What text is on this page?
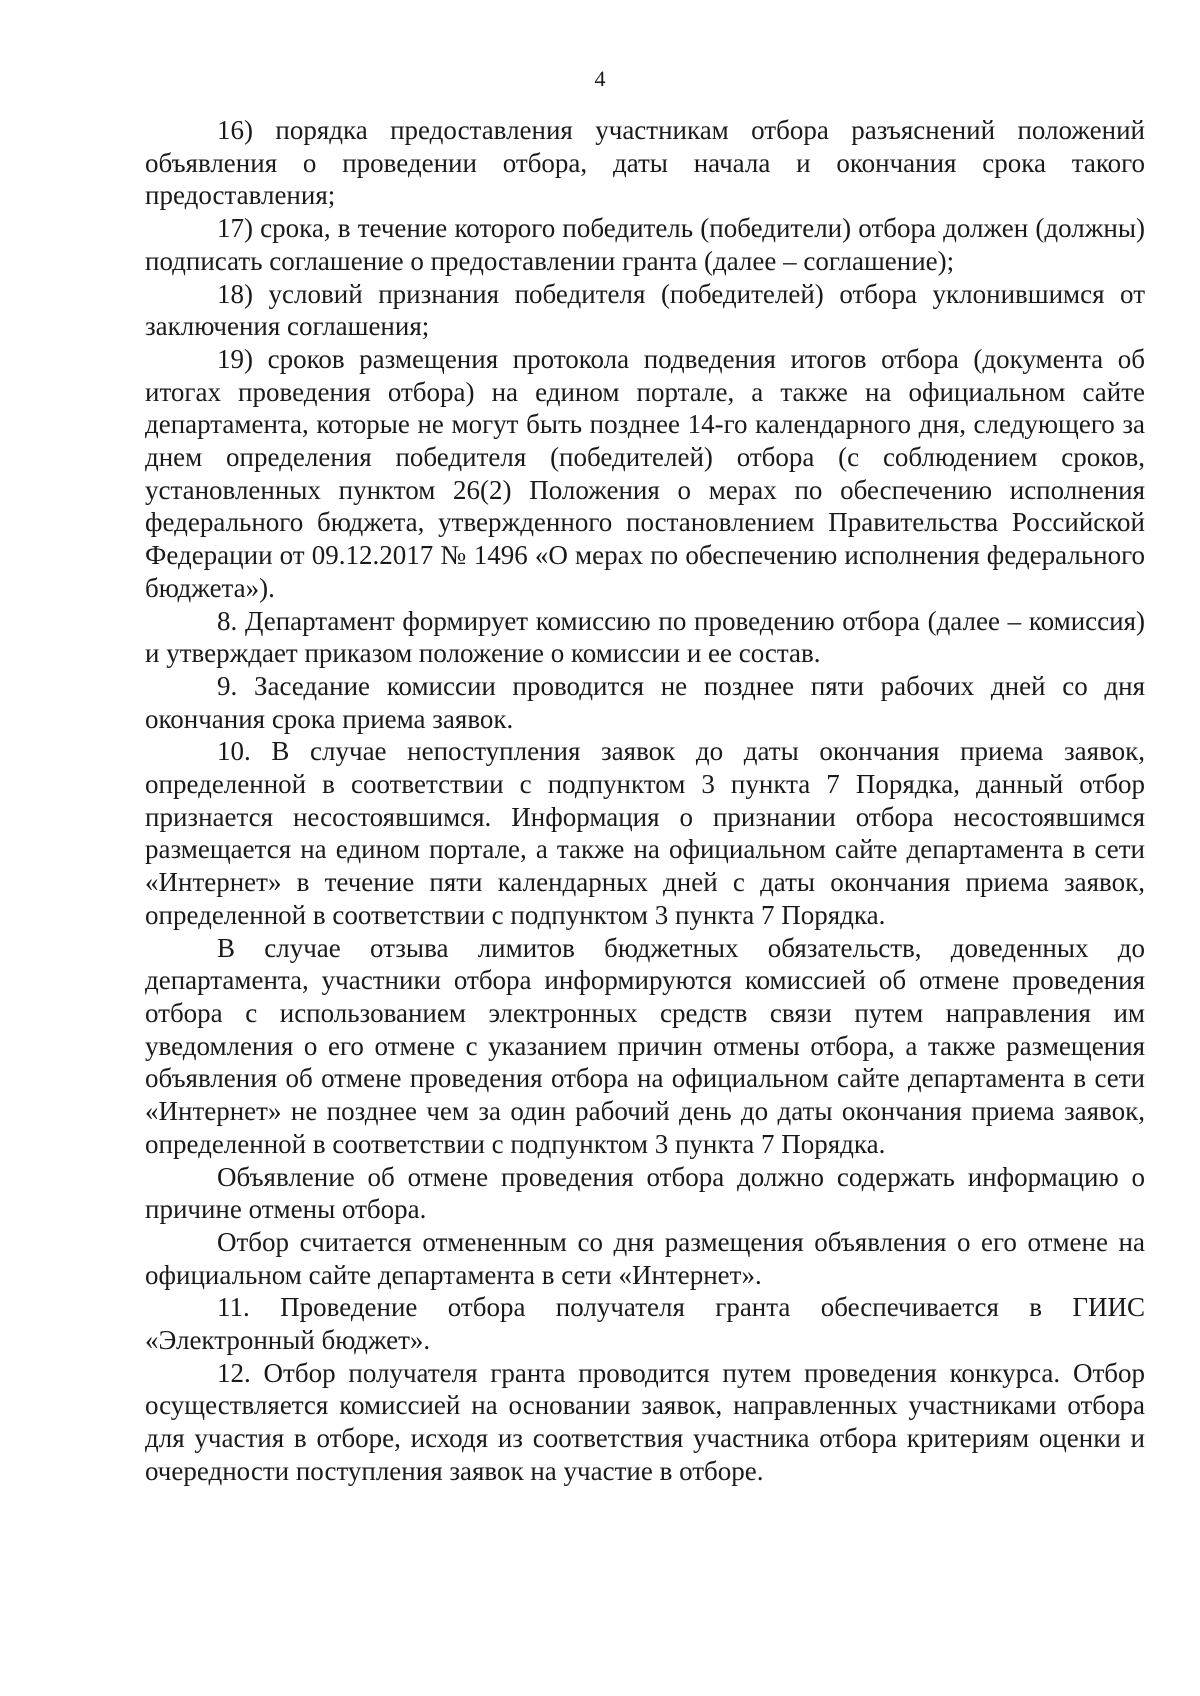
4

16) порядка предоставления участникам отбора разъяснений положений объявления о проведении отбора, даты начала и окончания срока такого предоставления;

17) срока, в течение которого победитель (победители) отбора должен (должны) подписать соглашение о предоставлении гранта (далее – соглашение);

18) условий признания победителя (победителей) отбора уклонившимся от заключения соглашения;

19) сроков размещения протокола подведения итогов отбора (документа об итогах проведения отбора) на едином портале, а также на официальном сайте департамента, которые не могут быть позднее 14-го календарного дня, следующего за днем определения победителя (победителей) отбора (с соблюдением сроков, установленных пунктом 26(2) Положения о мерах по обеспечению исполнения федерального бюджета, утвержденного постановлением Правительства Российской Федерации от 09.12.2017 № 1496 «О мерах по обеспечению исполнения федерального бюджета»).

8. Департамент формирует комиссию по проведению отбора (далее – комиссия) и утверждает приказом положение о комиссии и ее состав.

9. Заседание комиссии проводится не позднее пяти рабочих дней со дня окончания срока приема заявок.

10. В случае непоступления заявок до даты окончания приема заявок, определенной в соответствии с подпунктом 3 пункта 7 Порядка, данный отбор признается несостоявшимся. Информация о признании отбора несостоявшимся размещается на едином портале, а также на официальном сайте департамента в сети «Интернет» в течение пяти календарных дней с даты окончания приема заявок, определенной в соответствии с подпунктом 3 пункта 7 Порядка.

В случае отзыва лимитов бюджетных обязательств, доведенных до департамента, участники отбора информируются комиссией об отмене проведения отбора с использованием электронных средств связи путем направления им уведомления о его отмене с указанием причин отмены отбора, а также размещения объявления об отмене проведения отбора на официальном сайте департамента в сети «Интернет» не позднее чем за один рабочий день до даты окончания приема заявок, определенной в соответствии с подпунктом 3 пункта 7 Порядка.

Объявление об отмене проведения отбора должно содержать информацию о причине отмены отбора.

Отбор считается отмененным со дня размещения объявления о его отмене на официальном сайте департамента в сети «Интернет».

11. Проведение отбора получателя гранта обеспечивается в ГИИС «Электронный бюджет».

12. Отбор получателя гранта проводится путем проведения конкурса. Отбор осуществляется комиссией на основании заявок, направленных участниками отбора для участия в отборе, исходя из соответствия участника отбора критериям оценки и очередности поступления заявок на участие в отборе.
